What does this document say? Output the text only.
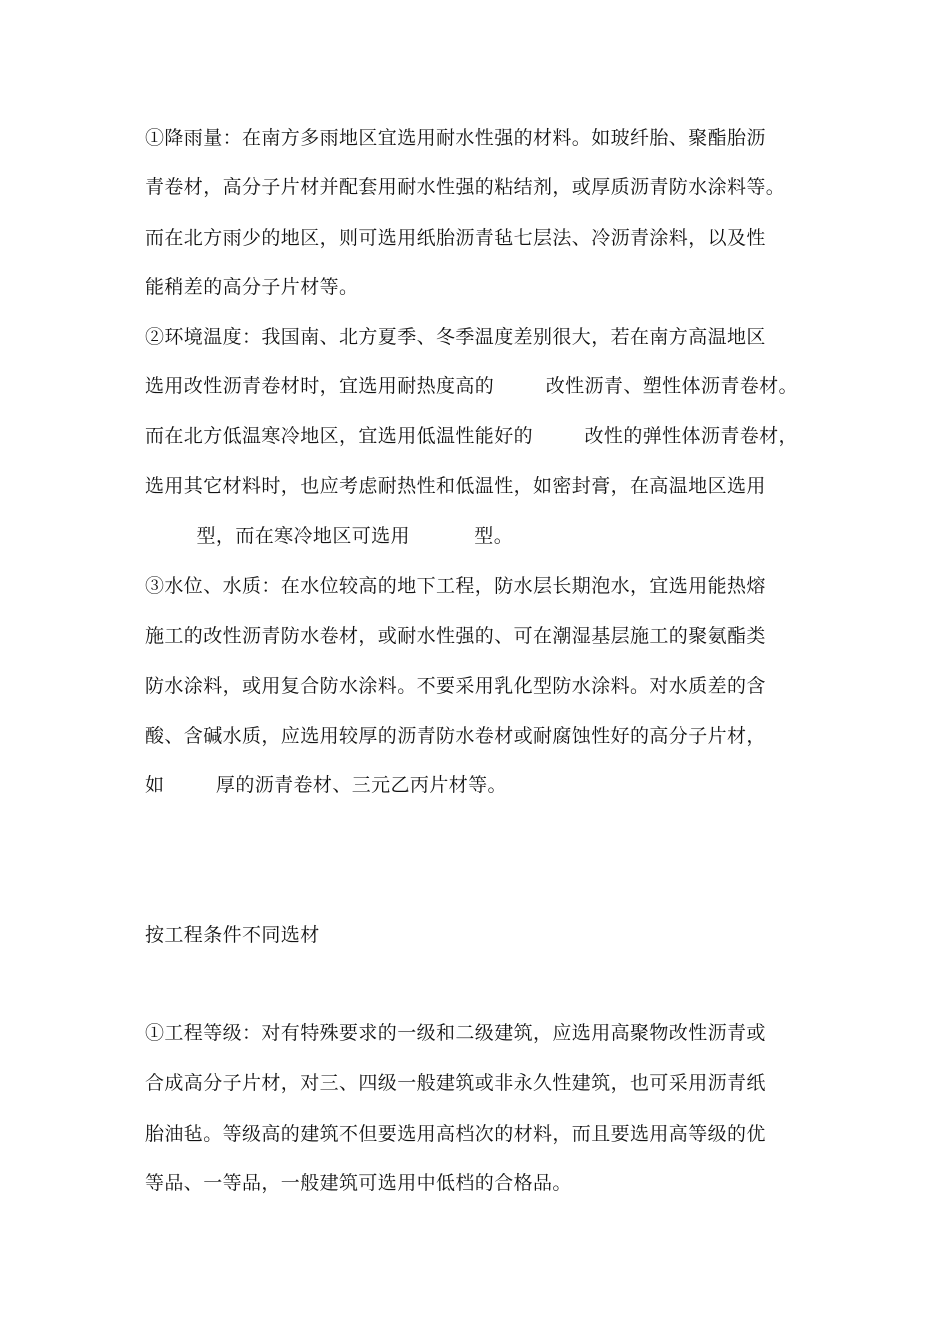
①降雨量：在南方多雨地区宜选用耐水性强的材料。如玻纤胎、聚酯胎沥
青卷材，高分子片材并配套用耐水性强的粘结剂，或厚质沥青防水涂料等。
而在北方雨少的地区，则可选用纸胎沥青毡七层法、冷沥青涂料，以及性
能稍差的高分子片材等。
②环境温度：我国南、北方夏季、冬季温度差别很大，若在南方高温地区
选用改性沥青卷材时，宜选用耐热度高的        改性沥青、塑性体沥青卷材。
而在北方低温寒冷地区，宜选用低温性能好的        改性的弹性体沥青卷材，
选用其它材料时，也应考虑耐热性和低温性，如密封膏，在高温地区选用
型，而在寒冷地区可选用          型。
③水位、水质：在水位较高的地下工程，防水层长期泡水，宜选用能热熔
施工的改性沥青防水卷材，或耐水性强的、可在潮湿基层施工的聚氨酯类
防水涂料，或用复合防水涂料。不要采用乳化型防水涂料。对水质差的含
酸、含碱水质，应选用较厚的沥青防水卷材或耐腐蚀性好的高分子片材，
如        厚的沥青卷材、三元乙丙片材等。
按工程条件不同选材
①工程等级：对有特殊要求的一级和二级建筑，应选用高聚物改性沥青或
合成高分子片材，对三、四级一般建筑或非永久性建筑，也可采用沥青纸
胎油毡。等级高的建筑不但要选用高档次的材料，而且要选用高等级的优
等品、一等品，一般建筑可选用中低档的合格品。
